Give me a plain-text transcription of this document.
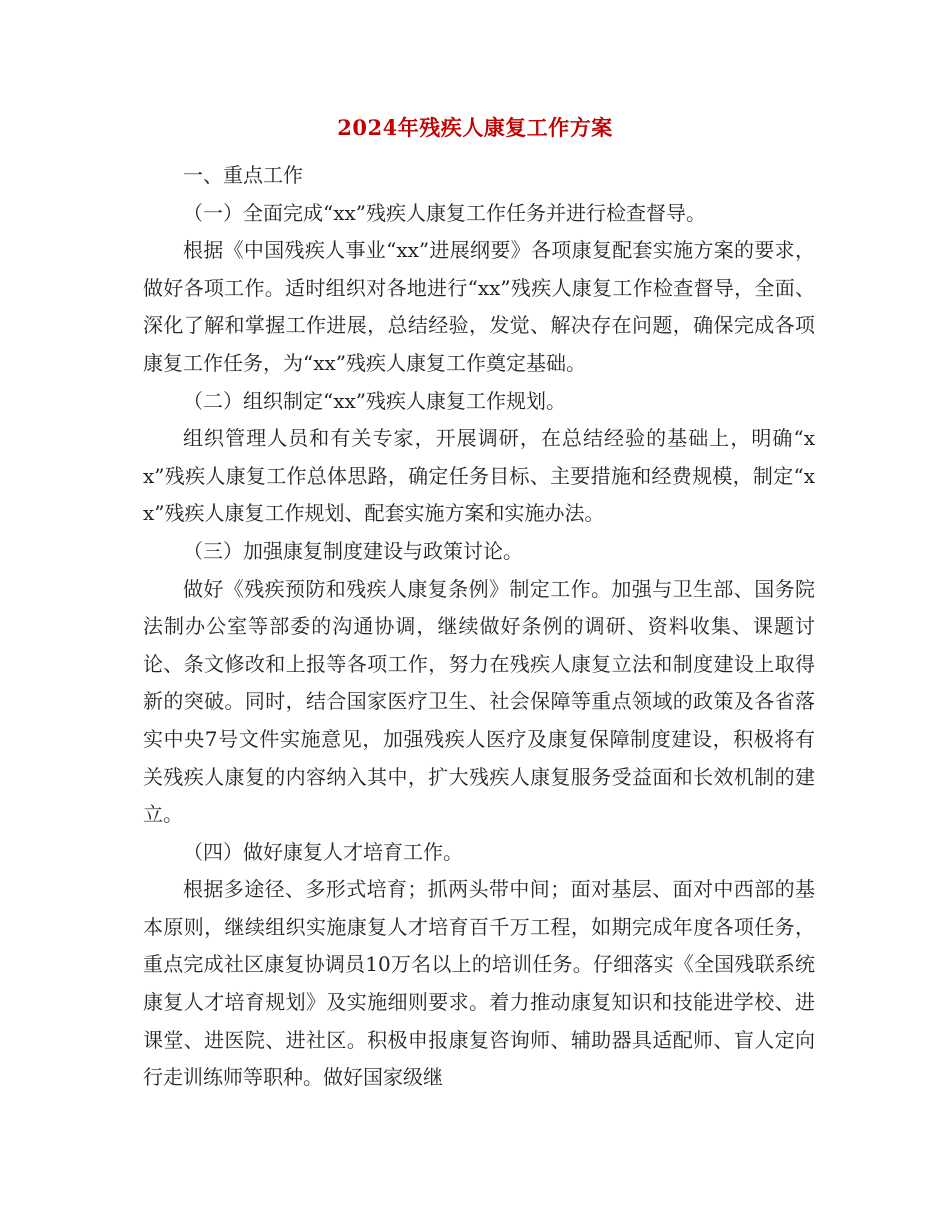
2024年残疾人康复工作方案

一、重点工作

（一）全面完成“xx”残疾人康复工作任务并进行检查督导。

根据《中国残疾人事业“xx”进展纲要》各项康复配套实施方案的要求，做好各项工作。适时组织对各地进行“xx”残疾人康复工作检查督导，全面、深化了解和掌握工作进展，总结经验，发觉、解决存在问题，确保完成各项康复工作任务，为“xx”残疾人康复工作奠定基础。

（二）组织制定“xx”残疾人康复工作规划。

组织管理人员和有关专家，开展调研，在总结经验的基础上，明确“xx”残疾人康复工作总体思路，确定任务目标、主要措施和经费规模，制定“xx”残疾人康复工作规划、配套实施方案和实施办法。

（三）加强康复制度建设与政策讨论。

做好《残疾预防和残疾人康复条例》制定工作。加强与卫生部、国务院法制办公室等部委的沟通协调，继续做好条例的调研、资料收集、课题讨论、条文修改和上报等各项工作，努力在残疾人康复立法和制度建设上取得新的突破。同时，结合国家医疗卫生、社会保障等重点领域的政策及各省落实中央7号文件实施意见，加强残疾人医疗及康复保障制度建设，积极将有关残疾人康复的内容纳入其中，扩大残疾人康复服务受益面和长效机制的建立。

（四）做好康复人才培育工作。

根据多途径、多形式培育；抓两头带中间；面对基层、面对中西部的基本原则，继续组织实施康复人才培育百千万工程，如期完成年度各项任务，重点完成社区康复协调员10万名以上的培训任务。仔细落实《全国残联系统康复人才培育规划》及实施细则要求。着力推动康复知识和技能进学校、进课堂、进医院、进社区。积极申报康复咨询师、辅助器具适配师、盲人定向行走训练师等职种。做好国家级继
